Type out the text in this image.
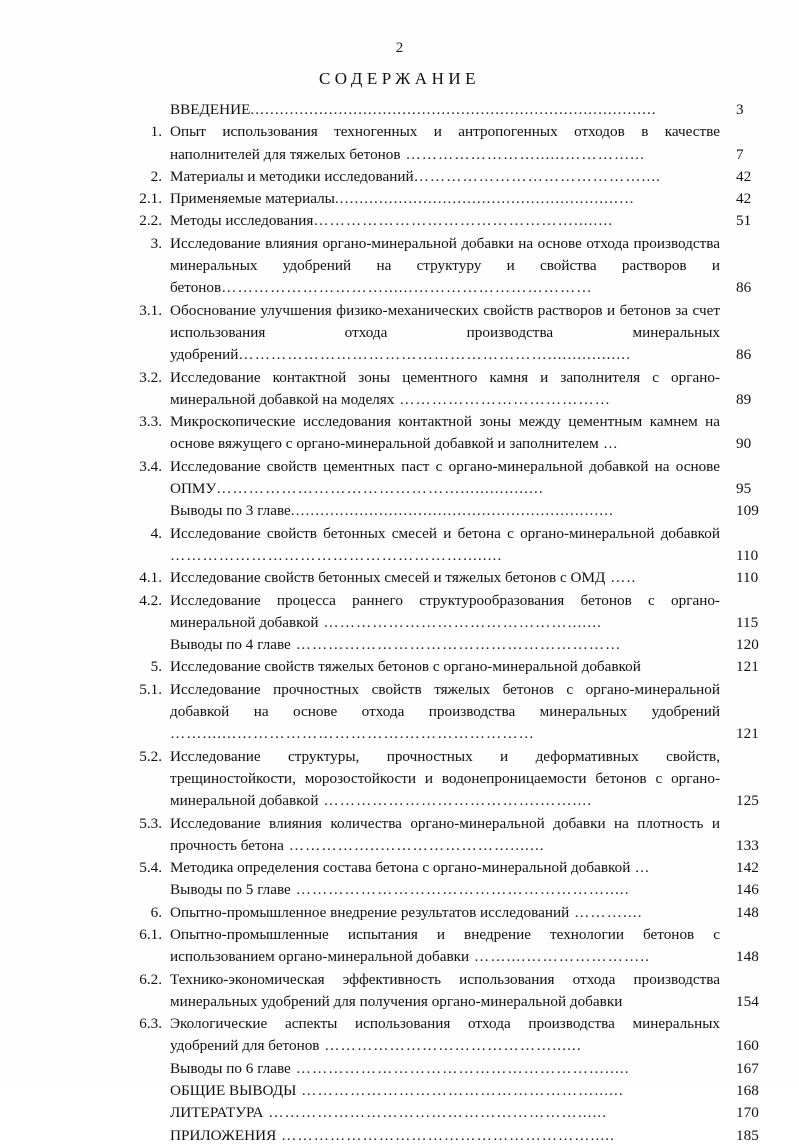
2
СОДЕРЖАНИЕ
ВВЕДЕНИЕ...................................................................................	3
1. Опыт использования техногенных и антропогенных отходов в качестве наполнителей для тяжелых бетонов ……………………......…………...	7
2. Материалы и методики исследований……………………………………....	42
2.1. Применяемые материалы..........................................................…	42
2.2. Методы исследования…………………………………………........	51
3. Исследование влияния органо-минеральной добавки на основе отхода производства минеральных удобрений на структуру и свойства растворов и бетонов…………………………......……………………………	86
3.1. Обоснование улучшения физико-механических свойств растворов и бетонов за счет использования отхода производства минеральных удобрений………………………………………………….................	86
3.2. Исследование контактной зоны цементного камня и заполнителя с органо-минеральной добавкой на моделях …………………………………	89
3.3. Микроскопические исследования контактной зоны между цементным камнем на основе вяжущего с органо-минеральной добавкой и заполнителем ...	90
3.4. Исследование свойств цементных паст с органо-минеральной добавкой на основе ОПМУ……………………………………….................	95
Выводы по 3 главе..................................................................	109
4. Исследование свойств бетонных смесей и бетона с органо-минеральной добавкой ………………………………………………........	110
4.1. Исследование свойств бетонных смесей и тяжелых бетонов с ОМД …..	110
4.2. Исследование процесса раннего структурообразования бетонов с органо-минеральной добавкой ……………………………………….......	115
Выводы по 4 главе ……………………………………………………	120
5. Исследование свойств тяжелых бетонов с органо-минеральной добавкой	121
5.1. Исследование прочностных свойств тяжелых бетонов с органо-минеральной добавкой на основе отхода производства минеральных удобрений …….......………………………….……………………	121
5.2. Исследование структуры, прочностных и деформативных свойств, трещиностойкости, морозостойкости и водонепроницаемости бетонов с органо-минеральной добавкой ………………………………….……....	125
5.3. Исследование влияния количества органо-минеральной добавки на плотность и прочность бетона ……………..…………………….......	133
5.4. Методика определения состава бетона с органо-минеральной добавкой ...	142
Выводы по 5 главе ………………………………………………….....	146
6. Опытно-промышленное внедрение результатов исследований ………....	148
6.1. Опытно-промышленные испытания и внедрение технологии бетонов с использованием органо-минеральной добавки ……....…………………..	148
6.2. Технико-экономическая эффективность использования отхода производства минеральных удобрений для получения органо-минеральной добавки	154
6.3. Экологические аспекты использования отхода производства минеральных удобрений для бетонов ……………………………………......	160
Выводы по 6 главе ………………………………………………….....	167
ОБЩИЕ ВЫВОДЫ ………………………………………………......	168
ЛИТЕРАТУРА …………………………………………………......	170
ПРИЛОЖЕНИЯ ………………………………………………….....	185
